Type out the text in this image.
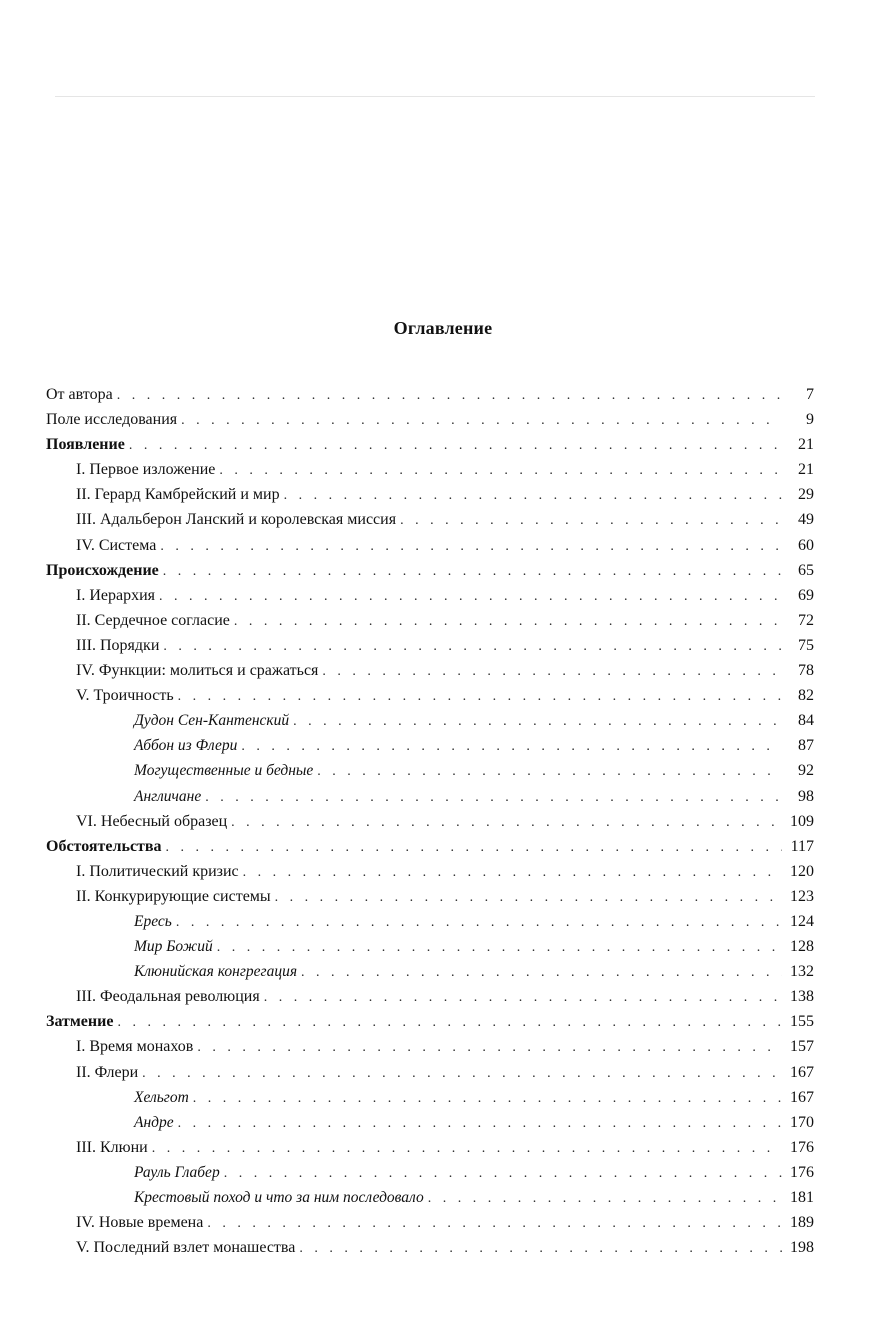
Оглавление
От автора . . .	7
Поле исследования . . .	9
Появление . . .	21
I. Первое изложение . . .	21
II. Герард Камбрейский и мир . . .	29
III. Адальберон Ланский и королевская миссия . . .	49
IV. Система . . .	60
Происхождение . . .	65
I. Иерархия . . .	69
II. Сердечное согласие . . .	72
III. Порядки . . .	75
IV. Функции: молиться и сражаться . . .	78
V. Троичность . . .	82
Дудон Сен-Кантенский . . .	84
Аббон из Флери . . .	87
Могущественные и бедные . . .	92
Англичане . . .	98
VI. Небесный образец . . .	109
Обстоятельства . . .	117
I. Политический кризис . . .	120
II. Конкурирующие системы . . .	123
Ересь . . .	124
Мир Божий . . .	128
Клюнийская конгрегация . . .	132
III. Феодальная революция . . .	138
Затмение . . .	155
I. Время монахов . . .	157
II. Флери . . .	167
Хельгот . . .	167
Андре . . .	170
III. Клюни . . .	176
Рауль Глабер . . .	176
Крестовый поход и что за ним последовало . . .	181
IV. Новые времена . . .	189
V. Последний взлет монашества . . .	198
